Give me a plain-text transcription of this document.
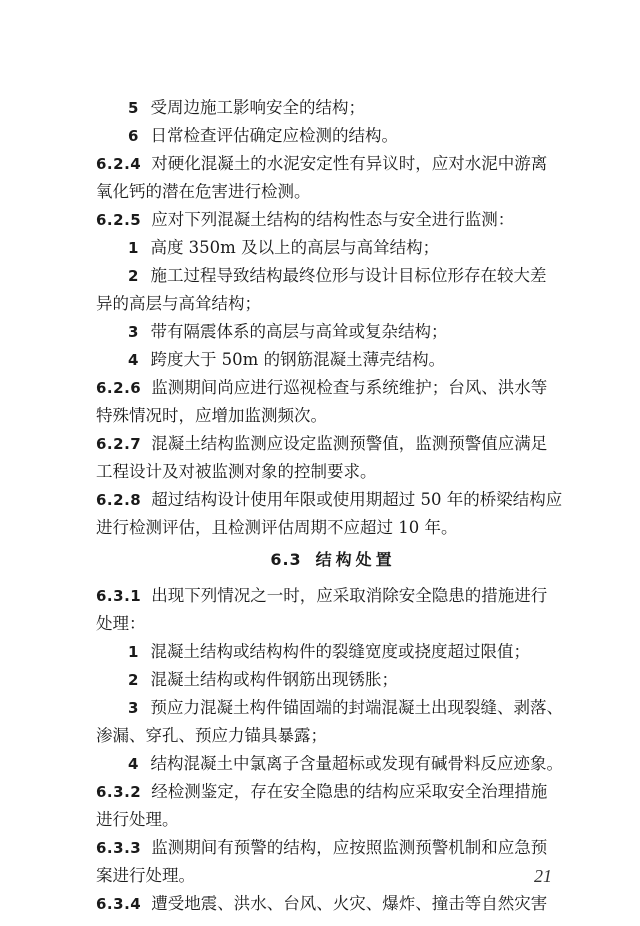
5 受周边施工影响安全的结构；
6 日常检查评估确定应检测的结构。
6.2.4 对硬化混凝土的水泥安定性有异议时，应对水泥中游离
氧化钙的潜在危害进行检测。
6.2.5 应对下列混凝土结构的结构性态与安全进行监测：
1 高度 350m 及以上的高层与高耸结构；
2 施工过程导致结构最终位形与设计目标位形存在较大差
异的高层与高耸结构；
3 带有隔震体系的高层与高耸或复杂结构；
4 跨度大于 50m 的钢筋混凝土薄壳结构。
6.2.6 监测期间尚应进行巡视检查与系统维护；台风、洪水等
特殊情况时，应增加监测频次。
6.2.7 混凝土结构监测应设定监测预警值，监测预警值应满足
工程设计及对被监测对象的控制要求。
6.2.8 超过结构设计使用年限或使用期超过 50 年的桥梁结构应
进行检测评估，且检测评估周期不应超过 10 年。
6.3 结构处置
6.3.1 出现下列情况之一时，应采取消除安全隐患的措施进行
处理：
1 混凝土结构或结构构件的裂缝宽度或挠度超过限值；
2 混凝土结构或构件钢筋出现锈胀；
3 预应力混凝土构件锚固端的封端混凝土出现裂缝、剥落、
渗漏、穿孔、预应力锚具暴露；
4 结构混凝土中氯离子含量超标或发现有碱骨料反应迹象。
6.3.2 经检测鉴定，存在安全隐患的结构应采取安全治理措施
进行处理。
6.3.3 监测期间有预警的结构，应按照监测预警机制和应急预
案进行处理。
6.3.4 遭受地震、洪水、台风、火灾、爆炸、撞击等自然灾害
21
